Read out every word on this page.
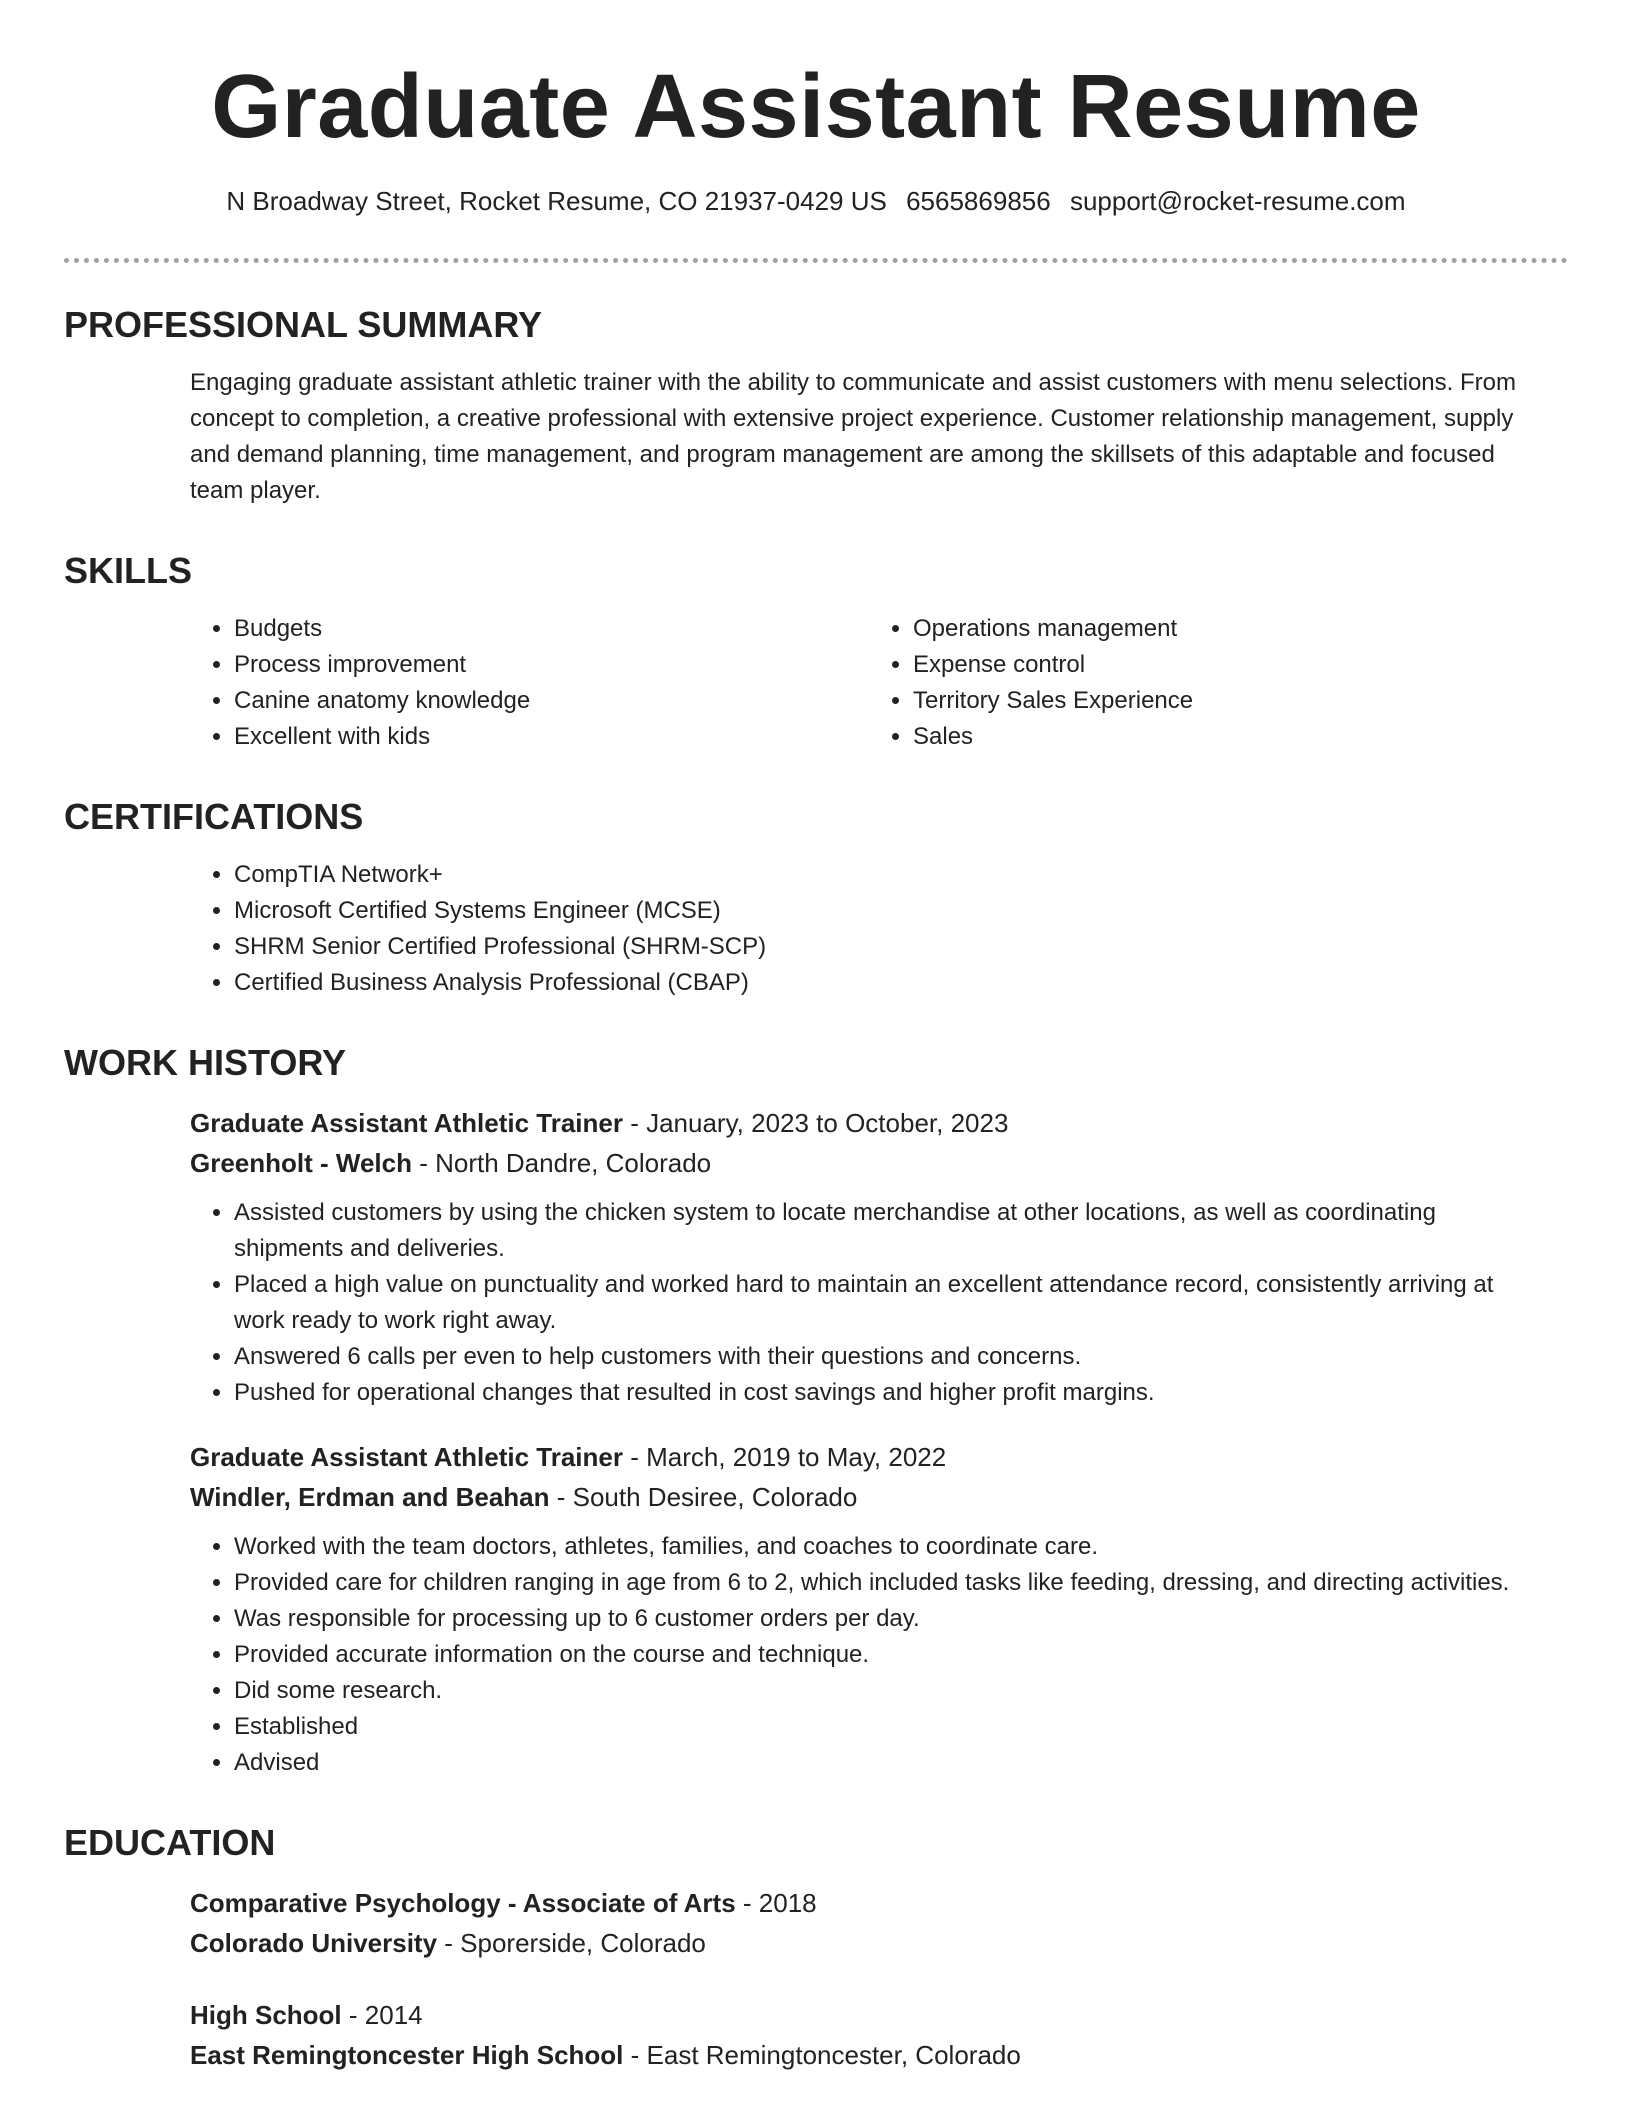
Graduate Assistant Resume
N Broadway Street, Rocket Resume, CO 21937-0429 US 6565869856 support@rocket-resume.com
PROFESSIONAL SUMMARY

Engaging graduate assistant athletic trainer with the ability to communicate and assist customers with menu selections. From concept to completion, a creative professional with extensive project experience. Customer relationship management, supply and demand planning, time management, and program management are among the skillsets of this adaptable and focused team player.

SKILLS
• Budgets
• Process improvement
• Canine anatomy knowledge
• Excellent with kids
• Operations management
• Expense control
• Territory Sales Experience
• Sales
CERTIFICATIONS
• CompTIA Network+
• Microsoft Certified Systems Engineer (MCSE)
• SHRM Senior Certified Professional (SHRM-SCP)
• Certified Business Analysis Professional (CBAP)
WORK HISTORY
Graduate Assistant Athletic Trainer - January, 2023 to October, 2023
Greenholt - Welch - North Dandre, Colorado
• Assisted customers by using the chicken system to locate merchandise at other locations, as well as coordinating shipments and deliveries.
• Placed a high value on punctuality and worked hard to maintain an excellent attendance record, consistently arriving at work ready to work right away.
• Answered 6 calls per even to help customers with their questions and concerns.
• Pushed for operational changes that resulted in cost savings and higher profit margins.
Graduate Assistant Athletic Trainer - March, 2019 to May, 2022
Windler, Erdman and Beahan - South Desiree, Colorado
• Worked with the team doctors, athletes, families, and coaches to coordinate care.
• Provided care for children ranging in age from 6 to 2, which included tasks like feeding, dressing, and directing activities.
• Was responsible for processing up to 6 customer orders per day.
• Provided accurate information on the course and technique.
• Did some research.
• Established
• Advised
EDUCATION
Comparative Psychology - Associate of Arts - 2018
Colorado University - Sporerside, Colorado
High School - 2014
East Remingtoncester High School - East Remingtoncester, Colorado
